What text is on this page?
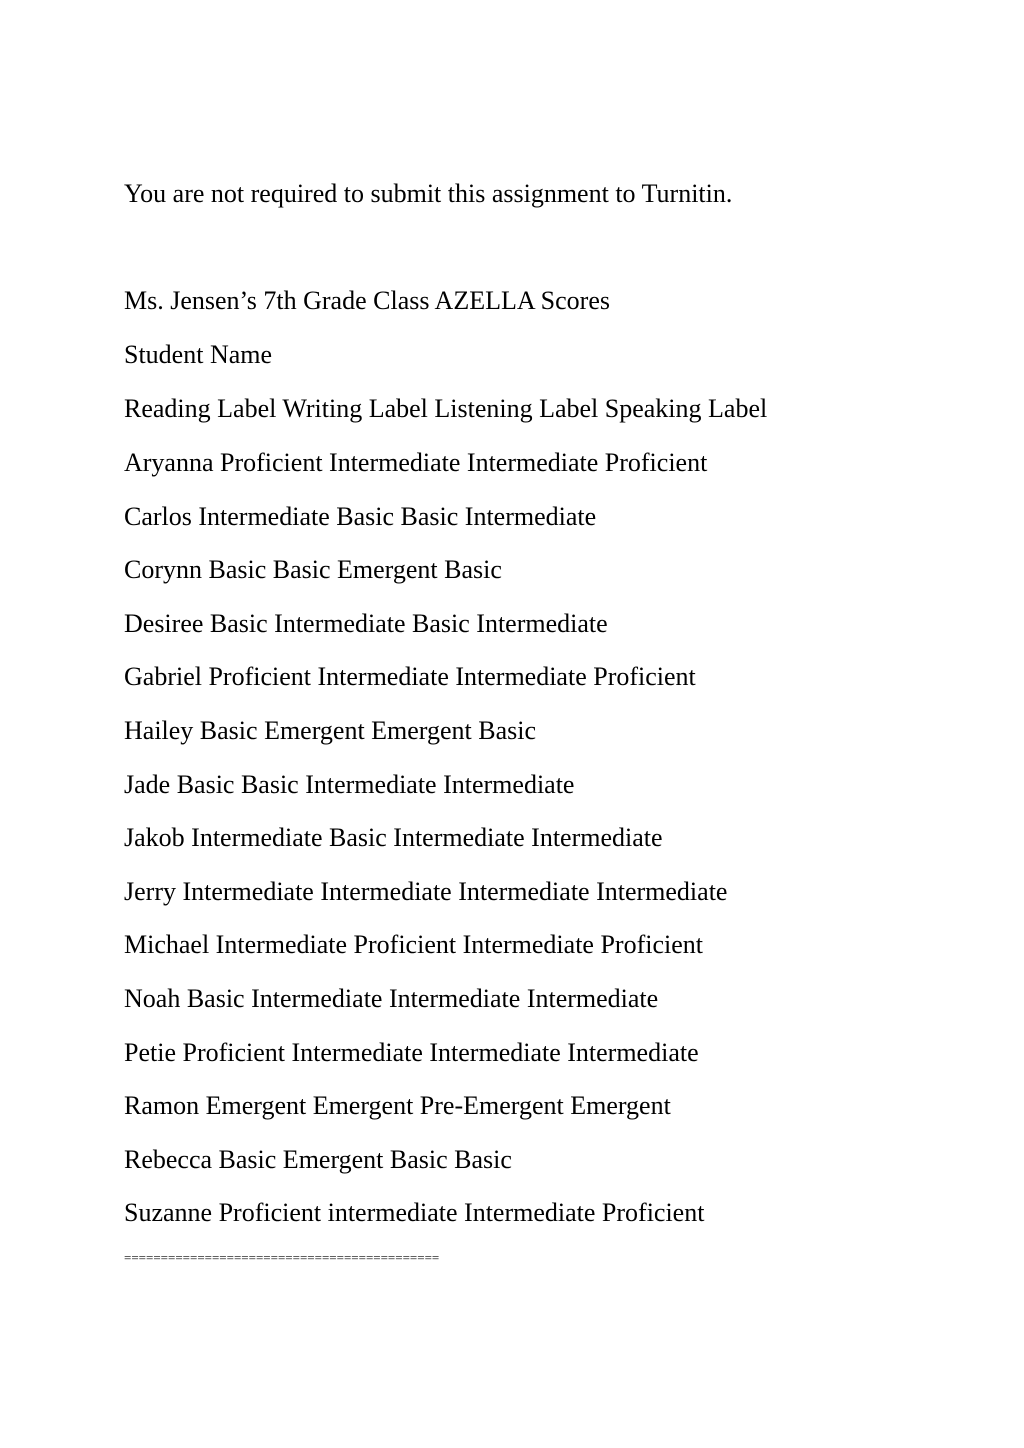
You are not required to submit this assignment to Turnitin.

Ms. Jensen’s 7th Grade Class AZELLA Scores

Student Name

Reading Label Writing Label Listening Label Speaking Label

Aryanna Proficient Intermediate Intermediate Proficient

Carlos Intermediate Basic Basic Intermediate

Corynn Basic Basic Emergent Basic

Desiree Basic Intermediate Basic Intermediate

Gabriel Proficient Intermediate Intermediate Proficient

Hailey Basic Emergent Emergent Basic

Jade Basic Basic Intermediate Intermediate

Jakob Intermediate Basic Intermediate Intermediate

Jerry Intermediate Intermediate Intermediate Intermediate

Michael Intermediate Proficient Intermediate Proficient

Noah Basic Intermediate Intermediate Intermediate

Petie Proficient Intermediate Intermediate Intermediate

Ramon Emergent Emergent Pre-Emergent Emergent

Rebecca Basic Emergent Basic Basic

Suzanne Proficient intermediate Intermediate Proficient

===========================================
